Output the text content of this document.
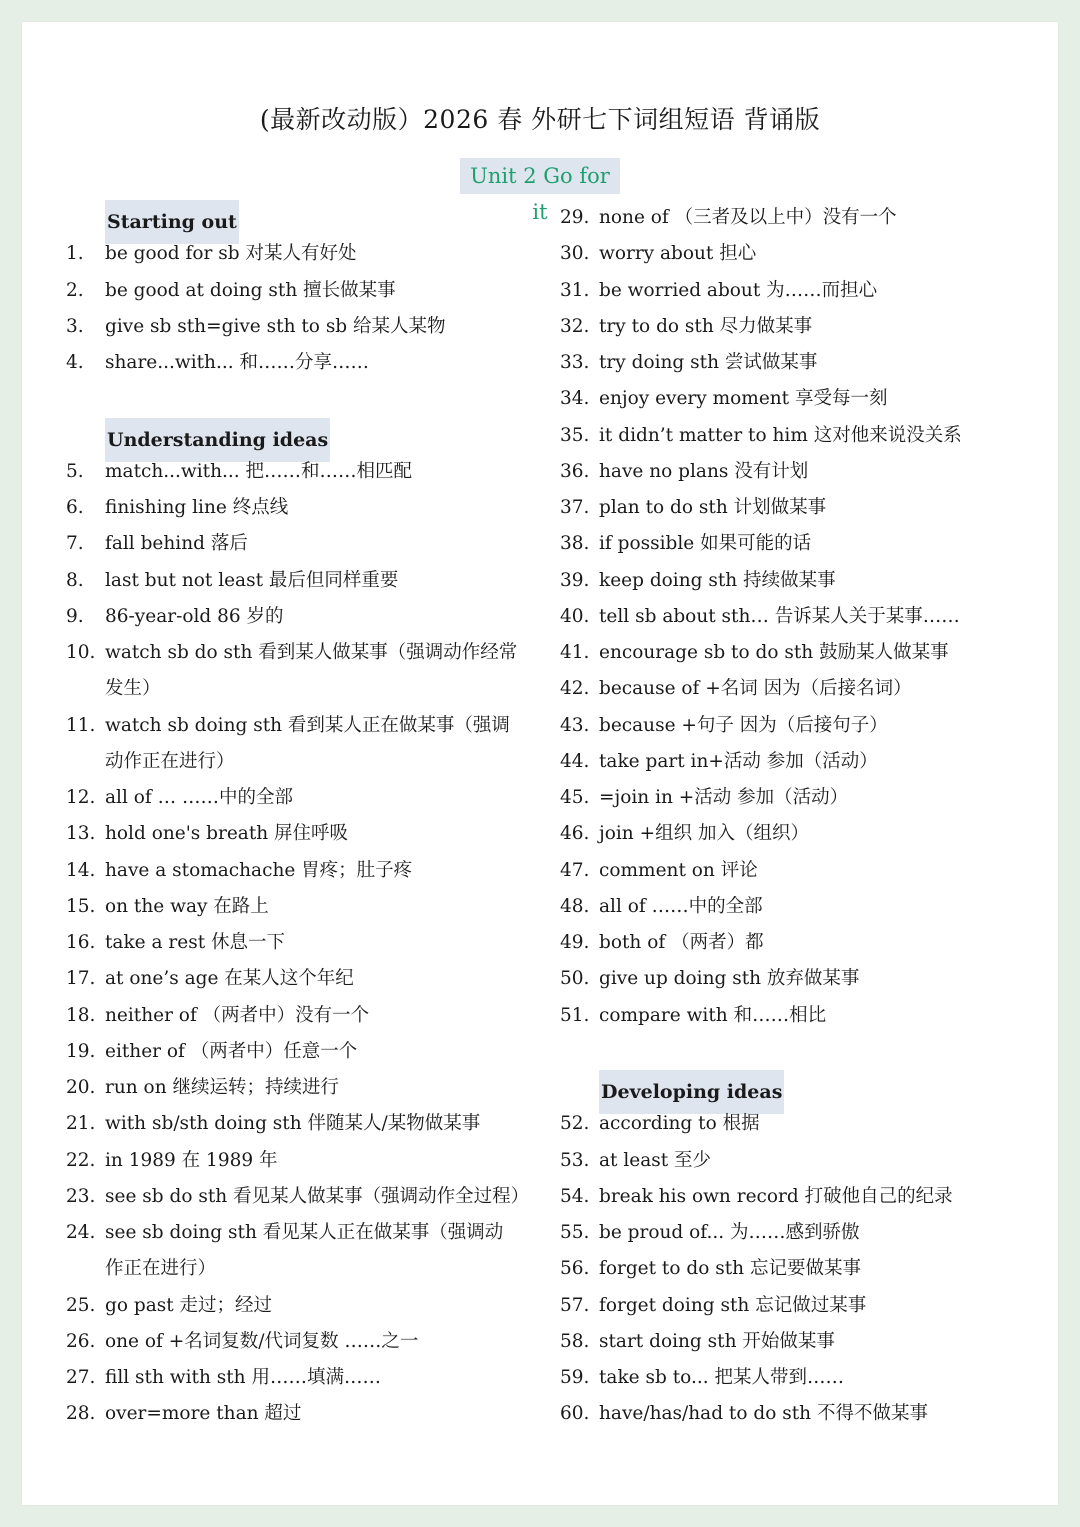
(最新改动版）2026 春 外研七下词组短语 背诵版
Unit 2 Go for it
Starting out
1. be good for sb 对某人有好处
2. be good at doing sth 擅长做某事
3. give sb sth=give sth to sb 给某人某物
4. share...with... 和……分享……
Understanding ideas
5. match...with... 把……和……相匹配
6. finishing line 终点线
7. fall behind 落后
8. last but not least 最后但同样重要
9. 86-year-old 86 岁的
10. watch sb do sth 看到某人做某事（强调动作经常
发生）
11. watch sb doing sth 看到某人正在做某事（强调
动作正在进行）
12. all of … ……中的全部
13. hold one's breath 屏住呼吸
14. have a stomachache 胃疼；肚子疼
15. on the way 在路上
16. take a rest 休息一下
17. at one’s age 在某人这个年纪
18. neither of （两者中）没有一个
19. either of （两者中）任意一个
20. run on 继续运转；持续进行
21. with sb/sth doing sth 伴随某人/某物做某事
22. in 1989 在 1989 年
23. see sb do sth 看见某人做某事（强调动作全过程）
24. see sb doing sth 看见某人正在做某事（强调动
作正在进行）
25. go past 走过；经过
26. one of +名词复数/代词复数 ……之一
27. fill sth with sth 用……填满……
28. over=more than 超过
29. none of （三者及以上中）没有一个
30. worry about 担心
31. be worried about 为……而担心
32. try to do sth 尽力做某事
33. try doing sth 尝试做某事
34. enjoy every moment 享受每一刻
35. it didn’t matter to him 这对他来说没关系
36. have no plans 没有计划
37. plan to do sth 计划做某事
38. if possible 如果可能的话
39. keep doing sth 持续做某事
40. tell sb about sth… 告诉某人关于某事……
41. encourage sb to do sth 鼓励某人做某事
42. because of +名词 因为（后接名词）
43. because +句子 因为（后接句子）
44. take part in+活动 参加（活动）
45. =join in +活动 参加（活动）
46. join +组织 加入（组织）
47. comment on 评论
48. all of ……中的全部
49. both of （两者）都
50. give up doing sth 放弃做某事
51. compare with 和……相比
Developing ideas
52. according to 根据
53. at least 至少
54. break his own record 打破他自己的纪录
55. be proud of... 为……感到骄傲
56. forget to do sth 忘记要做某事
57. forget doing sth 忘记做过某事
58. start doing sth 开始做某事
59. take sb to... 把某人带到……
60. have/has/had to do sth 不得不做某事
